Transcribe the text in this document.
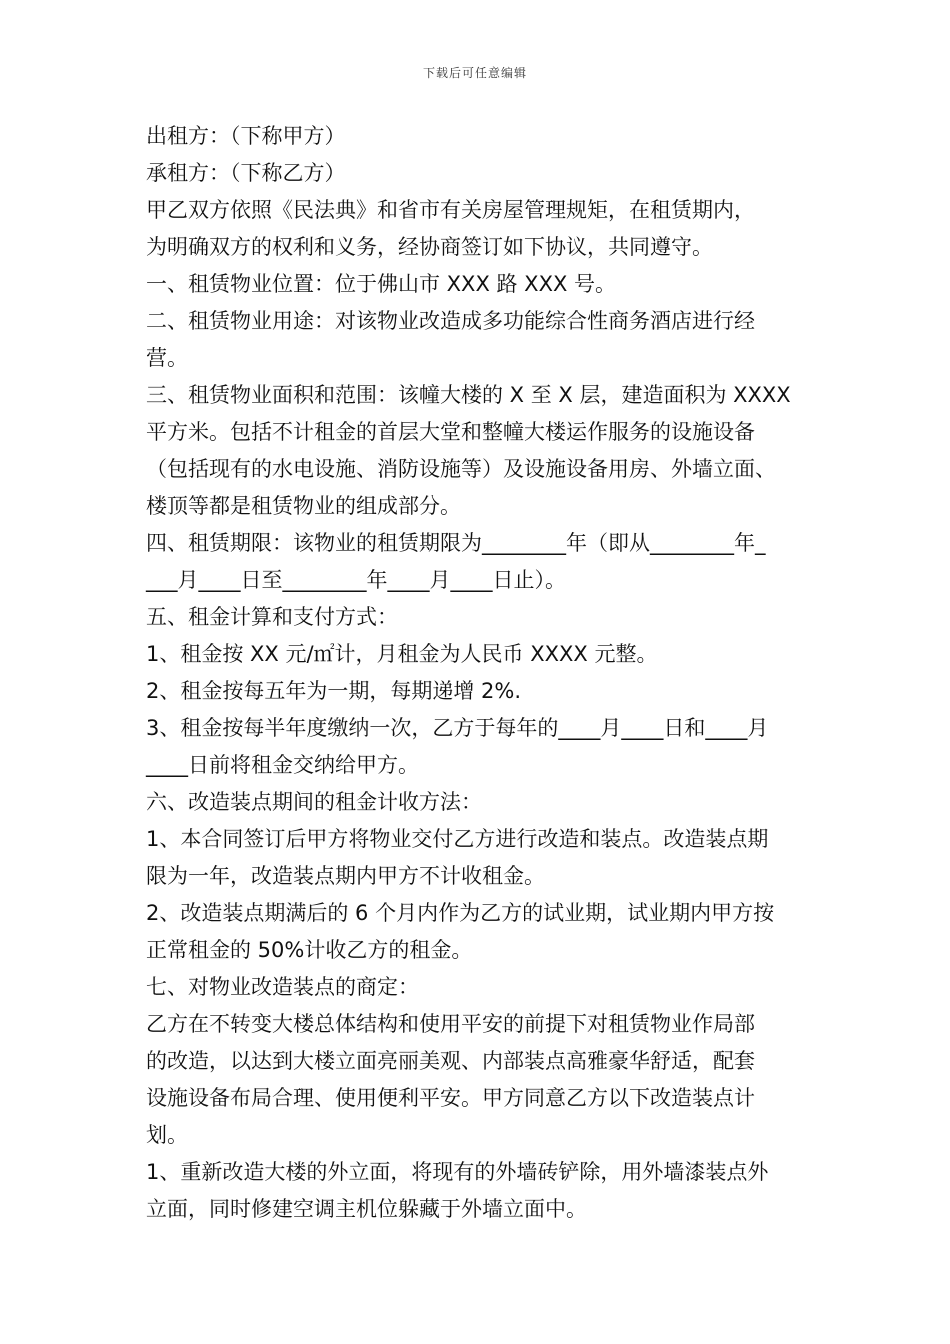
下载后可任意编辑

出租方：（下称甲方）

承租方：（下称乙方）

甲乙双方依照《民法典》和省市有关房屋管理规矩，在租赁期内，

为明确双方的权利和义务，经协商签订如下协议，共同遵守。

一、租赁物业位置：位于佛山市 XXX 路 XXX 号。

二、租赁物业用途：对该物业改造成多功能综合性商务酒店进行经

营。

三、租赁物业面积和范围：该幢大楼的 X 至 X 层，建造面积为 XXXX

平方米。包括不计租金的首层大堂和整幢大楼运作服务的设施设备

（包括现有的水电设施、消防设施等）及设施设备用房、外墙立面、

楼顶等都是租赁物业的组成部分。

四、租赁期限：该物业的租赁期限为________年（即从________年_

___月____日至________年____月____日止）。

五、租金计算和支付方式：

1、租金按 XX 元/㎡计，月租金为人民币 XXXX 元整。

2、租金按每五年为一期，每期递增 2%.

3、租金按每半年度缴纳一次，乙方于每年的____月____日和____月

____日前将租金交纳给甲方。

六、改造装点期间的租金计收方法：

1、本合同签订后甲方将物业交付乙方进行改造和装点。改造装点期

限为一年，改造装点期内甲方不计收租金。

2、改造装点期满后的 6 个月内作为乙方的试业期，试业期内甲方按

正常租金的 50%计收乙方的租金。

七、对物业改造装点的商定：

乙方在不转变大楼总体结构和使用平安的前提下对租赁物业作局部

的改造，以达到大楼立面亮丽美观、内部装点高雅豪华舒适，配套

设施设备布局合理、使用便利平安。甲方同意乙方以下改造装点计

划。

1、重新改造大楼的外立面，将现有的外墙砖铲除，用外墙漆装点外

立面，同时修建空调主机位躲藏于外墙立面中。
